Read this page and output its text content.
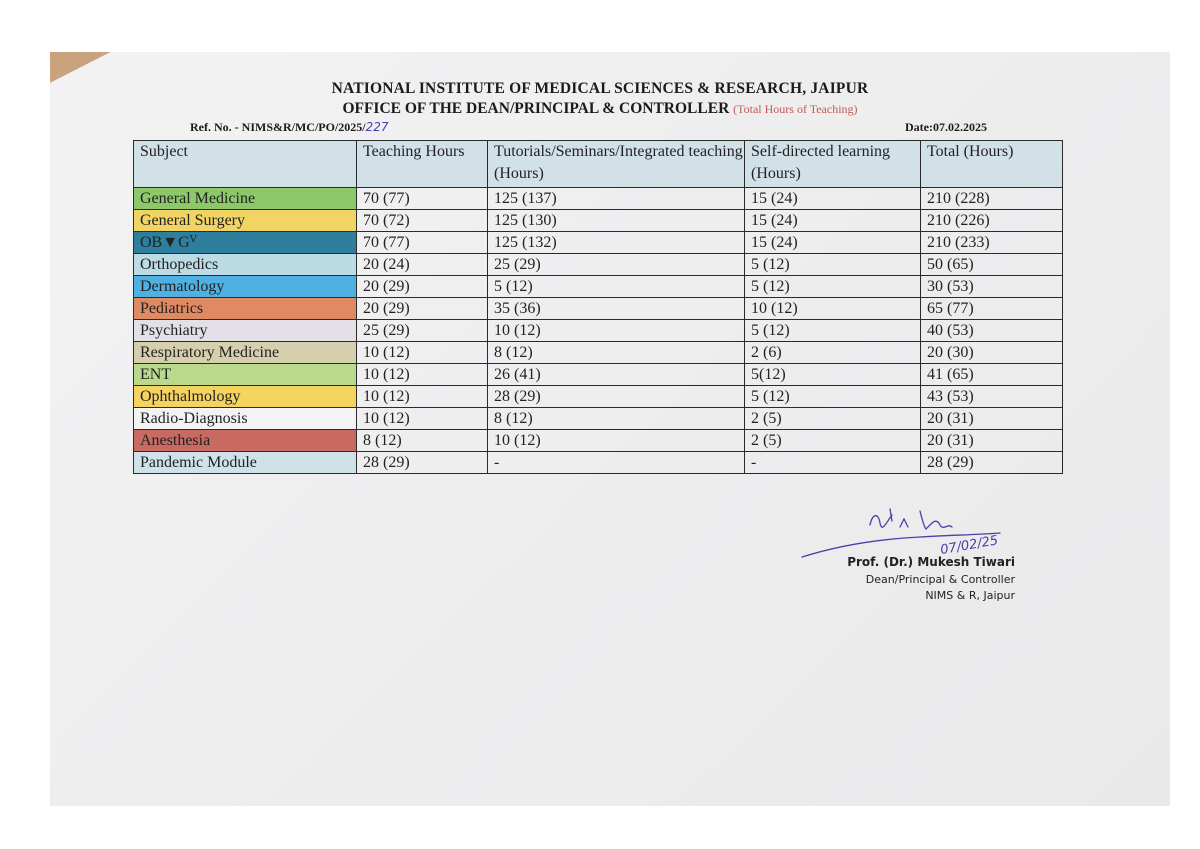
NATIONAL INSTITUTE OF MEDICAL SCIENCES & RESEARCH, JAIPUR
OFFICE OF THE DEAN/PRINCIPAL & CONTROLLER (Total Hours of Teaching)
Ref. No. - NIMS&R/MC/PO/2025/227	Date:07.02.2025
Subject	Teaching Hours	Tutorials/Seminars/Integrated teaching (Hours)	Self-directed learning (Hours)	Total (Hours)
General Medicine	70 (77)	125 (137)	15 (24)	210 (228)
General Surgery	70 (72)	125 (130)	15 (24)	210 (226)
OB▼Gⱽ	70 (77)	125 (132)	15 (24)	210 (233)
Orthopedics	20 (24)	25 (29)	5 (12)	50 (65)
Dermatology	20 (29)	5 (12)	5 (12)	30 (53)
Pediatrics	20 (29)	35 (36)	10 (12)	65 (77)
Psychiatry	25 (29)	10 (12)	5 (12)	40 (53)
Respiratory Medicine	10 (12)	8 (12)	2 (6)	20 (30)
ENT	10 (12)	26 (41)	5(12)	41 (65)
Ophthalmology	10 (12)	28 (29)	5 (12)	43 (53)
Radio-Diagnosis	10 (12)	8 (12)	2 (5)	20 (31)
Anesthesia	8 (12)	10 (12)	2 (5)	20 (31)
Pandemic Module	28 (29)	-	-	28 (29)
07/02/25
Prof. (Dr.) Mukesh Tiwari
Dean/Principal & Controller
NIMS & R, Jaipur
